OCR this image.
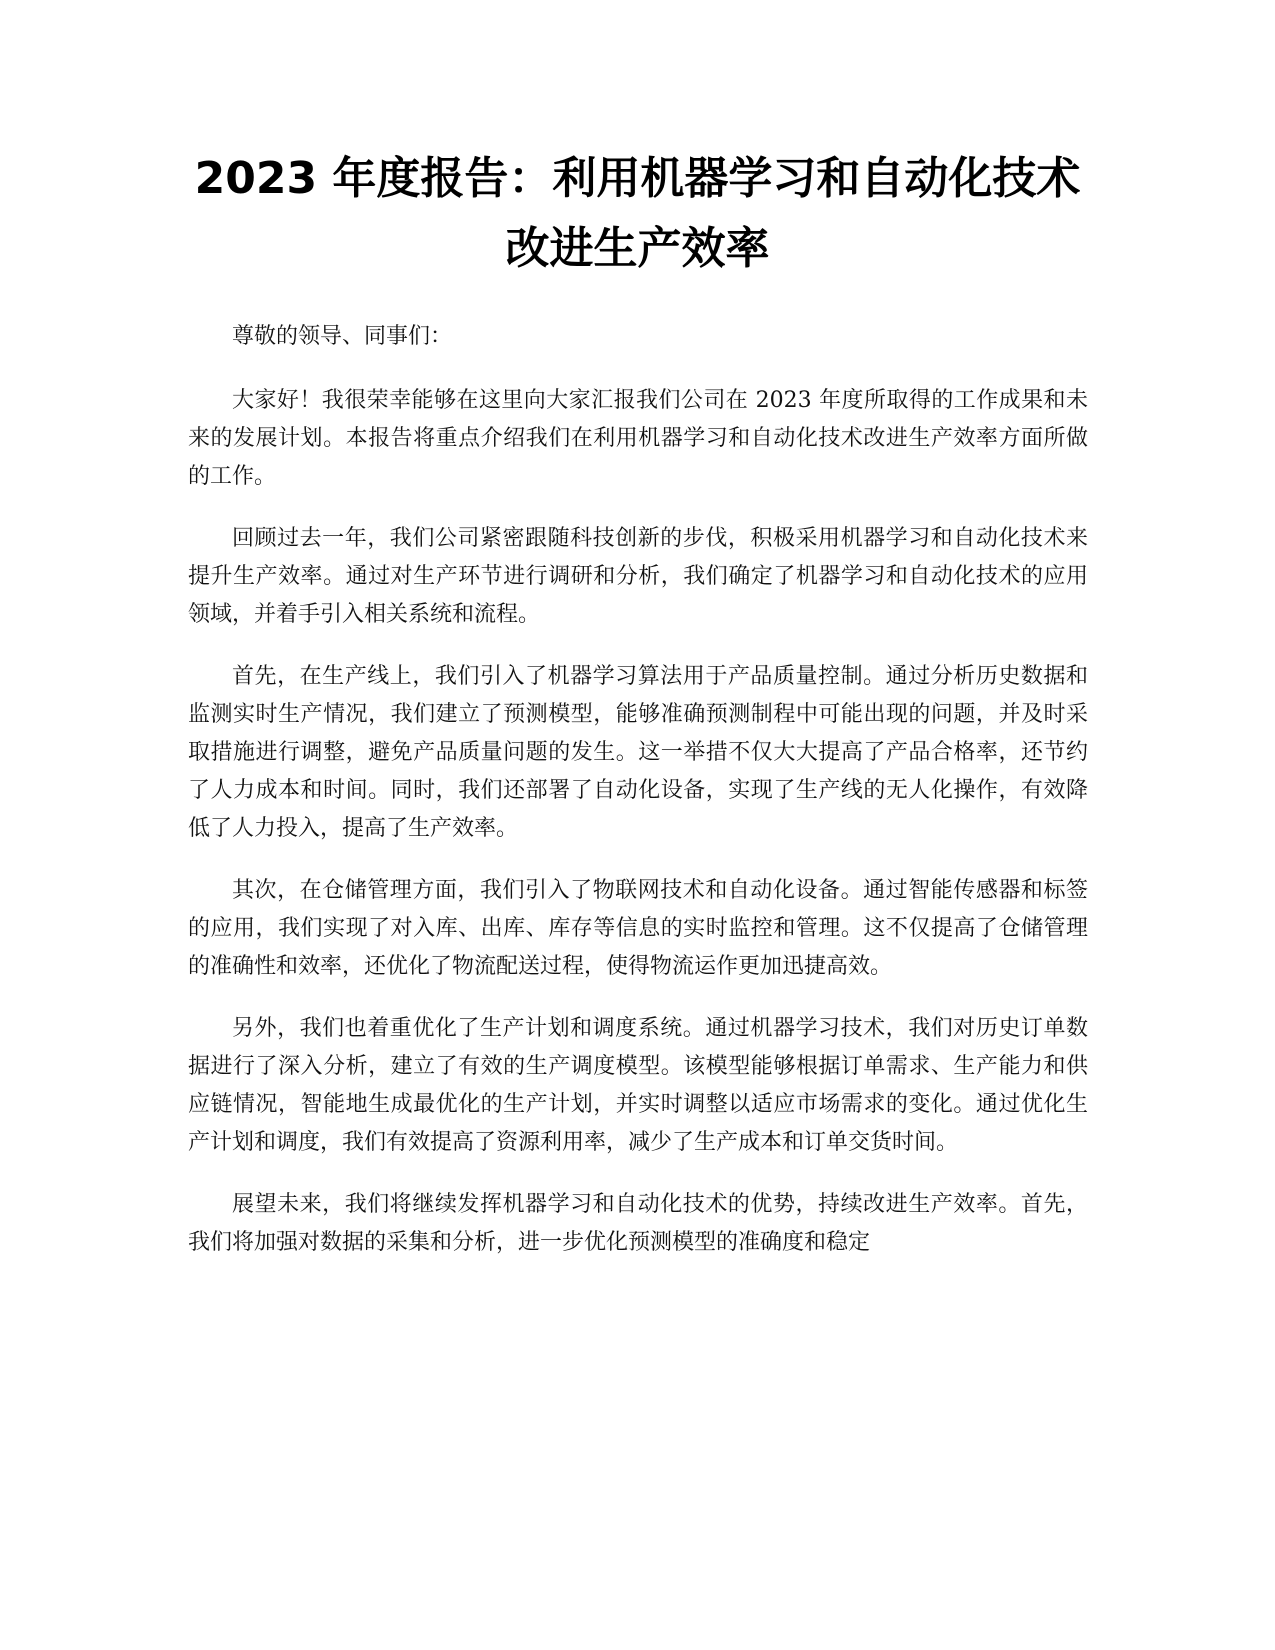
2023 年度报告：利用机器学习和自动化技术
改进生产效率

尊敬的领导、同事们：

大家好！我很荣幸能够在这里向大家汇报我们公司在 2023 年度所取得的工作成果和未来的发展计划。本报告将重点介绍我们在利用机器学习和自动化技术改进生产效率方面所做的工作。

回顾过去一年，我们公司紧密跟随科技创新的步伐，积极采用机器学习和自动化技术来提升生产效率。通过对生产环节进行调研和分析，我们确定了机器学习和自动化技术的应用领域，并着手引入相关系统和流程。

首先，在生产线上，我们引入了机器学习算法用于产品质量控制。通过分析历史数据和监测实时生产情况，我们建立了预测模型，能够准确预测制程中可能出现的问题，并及时采取措施进行调整，避免产品质量问题的发生。这一举措不仅大大提高了产品合格率，还节约了人力成本和时间。同时，我们还部署了自动化设备，实现了生产线的无人化操作，有效降低了人力投入，提高了生产效率。

其次，在仓储管理方面，我们引入了物联网技术和自动化设备。通过智能传感器和标签的应用，我们实现了对入库、出库、库存等信息的实时监控和管理。这不仅提高了仓储管理的准确性和效率，还优化了物流配送过程，使得物流运作更加迅捷高效。

另外，我们也着重优化了生产计划和调度系统。通过机器学习技术，我们对历史订单数据进行了深入分析，建立了有效的生产调度模型。该模型能够根据订单需求、生产能力和供应链情况，智能地生成最优化的生产计划，并实时调整以适应市场需求的变化。通过优化生产计划和调度，我们有效提高了资源利用率，减少了生产成本和订单交货时间。

展望未来，我们将继续发挥机器学习和自动化技术的优势，持续改进生产效率。首先，我们将加强对数据的采集和分析，进一步优化预测模型的准确度和稳定
